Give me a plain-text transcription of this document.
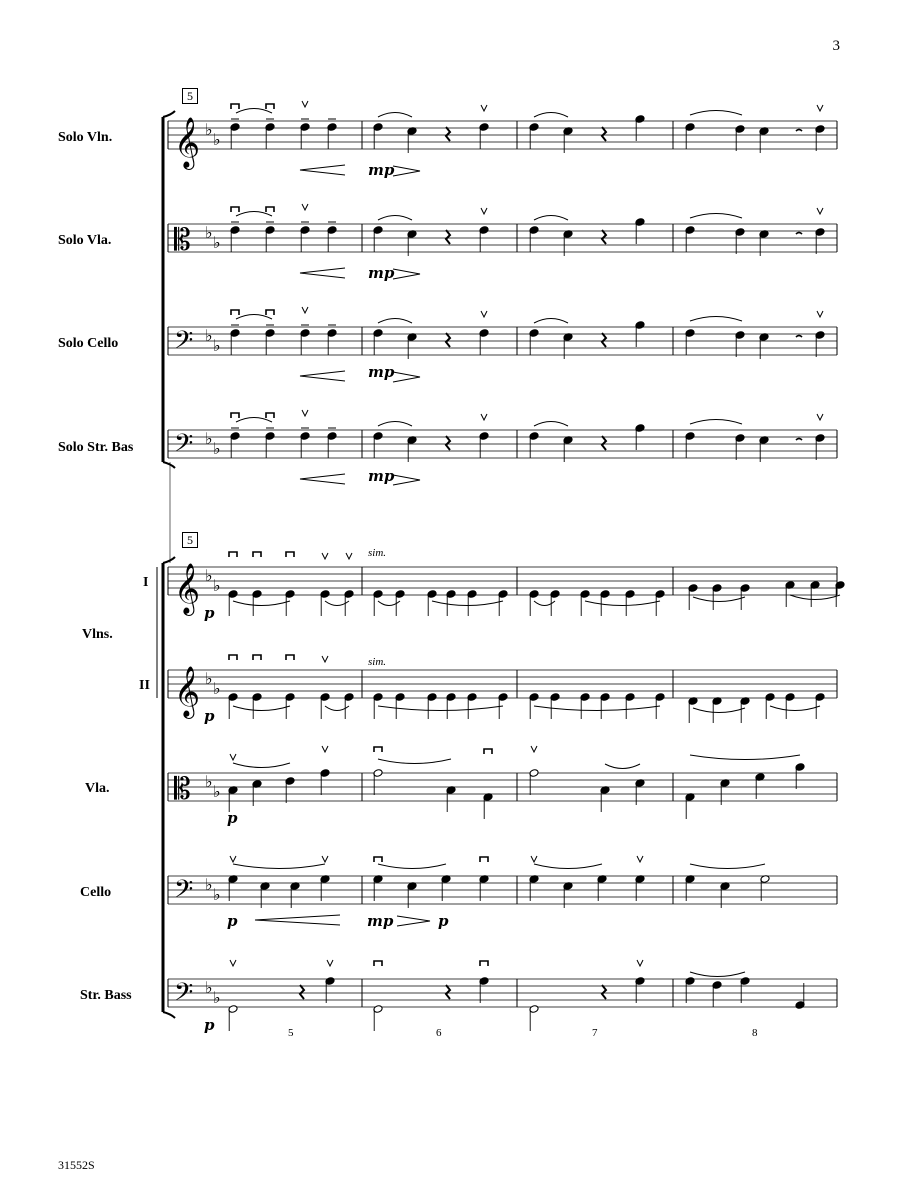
3
31552S
5
Solo Vln.
Solo Vla.
Solo Cello
Solo Str. Bas
5
I
Vlns.
II
Vla.
Cello
Str. Bass
5	6	7	8
𝄞 ♭
♭
𝄡 ♭
♭
𝄢 ♭
♭
𝄢 ♭
♭
𝄞 ♭
♭
𝄞 ♭
♭
𝄡 ♭
♭
𝄢 ♭
♭
𝄢 ♭
♭
mp
mp
mp
mp
p
p
p
p	mp	p
p
sim.
sim.
